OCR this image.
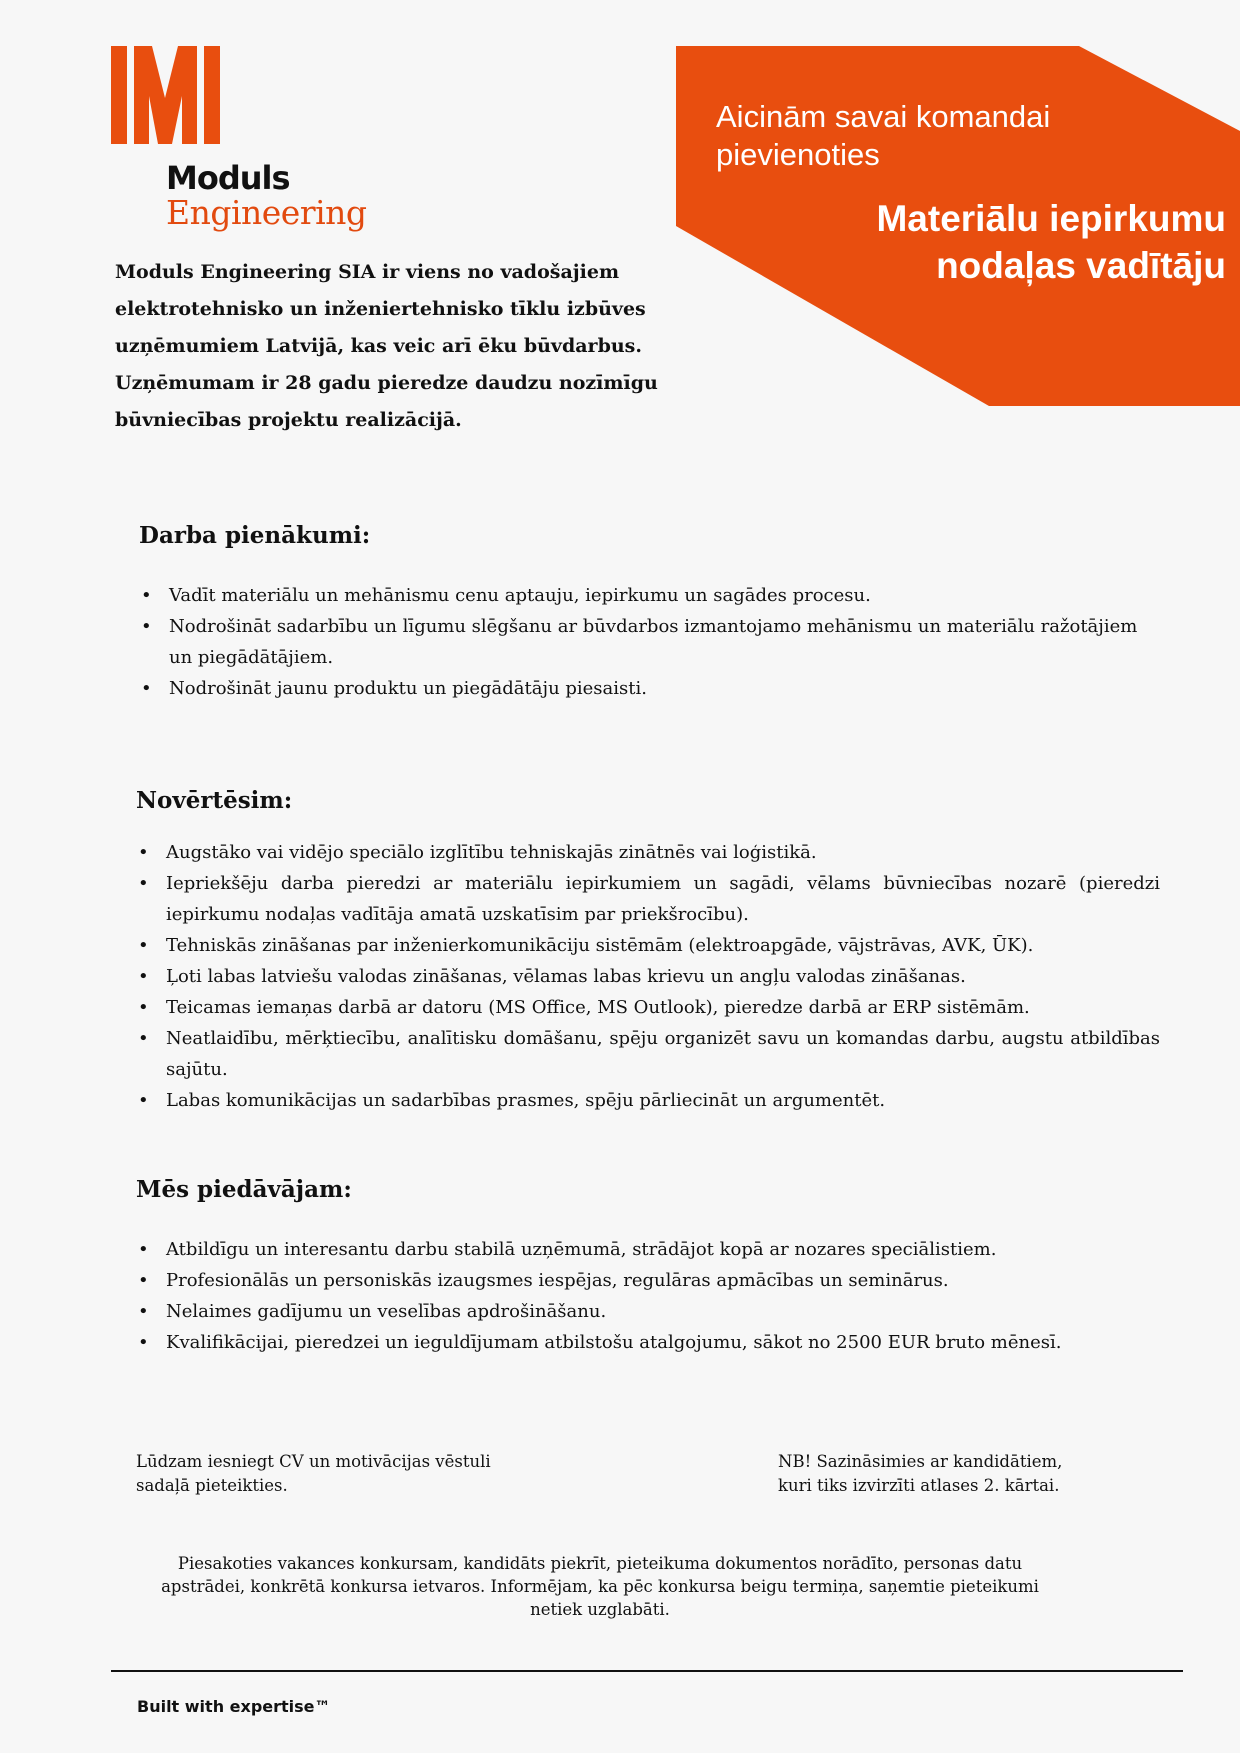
Moduls
Engineering
Aicinām savai komandai pievienoties
Materiālu iepirkumu nodaļas vadītāju
Moduls Engineering SIA ir viens no vadošajiem elektrotehnisko un inženiertehnisko tīklu izbūves uzņēmumiem Latvijā, kas veic arī ēku būvdarbus. Uzņēmumam ir 28 gadu pieredze daudzu nozīmīgu būvniecības projektu realizācijā.
Darba pienākumi:
• Vadīt materiālu un mehānismu cenu aptauju, iepirkumu un sagādes procesu.
• Nodrošināt sadarbību un līgumu slēgšanu ar būvdarbos izmantojamo mehānismu un materiālu ražotājiem un piegādātājiem.
• Nodrošināt jaunu produktu un piegādātāju piesaisti.
Novērtēsim:
• Augstāko vai vidējo speciālo izglītību tehniskajās zinātnēs vai loģistikā.
• Iepriekšēju darba pieredzi ar materiālu iepirkumiem un sagādi, vēlams būvniecības nozarē (pieredzi iepirkumu nodaļas vadītāja amatā uzskatīsim par priekšrocību).
• Tehniskās zināšanas par inženierkomunikāciju sistēmām (elektroapgāde, vājstrāvas, AVK, ŪK).
• Ļoti labas latviešu valodas zināšanas, vēlamas labas krievu un angļu valodas zināšanas.
• Teicamas iemaņas darbā ar datoru (MS Office, MS Outlook), pieredze darbā ar ERP sistēmām.
• Neatlaidību, mērķtiecību, analītisku domāšanu, spēju organizēt savu un komandas darbu, augstu atbildības sajūtu.
• Labas komunikācijas un sadarbības prasmes, spēju pārliecināt un argumentēt.
Mēs piedāvājam:
• Atbildīgu un interesantu darbu stabilā uzņēmumā, strādājot kopā ar nozares speciālistiem.
• Profesionālās un personiskās izaugsmes iespējas, regulāras apmācības un seminārus.
• Nelaimes gadījumu un veselības apdrošināšanu.
• Kvalifikācijai, pieredzei un ieguldījumam atbilstošu atalgojumu, sākot no 2500 EUR bruto mēnesī.
Lūdzam iesniegt CV un motivācijas vēstuli
sadaļā pieteikties.
NB! Sazināsimies ar kandidātiem,
kuri tiks izvirzīti atlases 2. kārtai.
Piesakoties vakances konkursam, kandidāts piekrīt, pieteikuma dokumentos norādīto, personas datu
apstrādei, konkrētā konkursa ietvaros. Informējam, ka pēc konkursa beigu termiņa, saņemtie pieteikumi
netiek uzglabāti.
Built with expertise™
